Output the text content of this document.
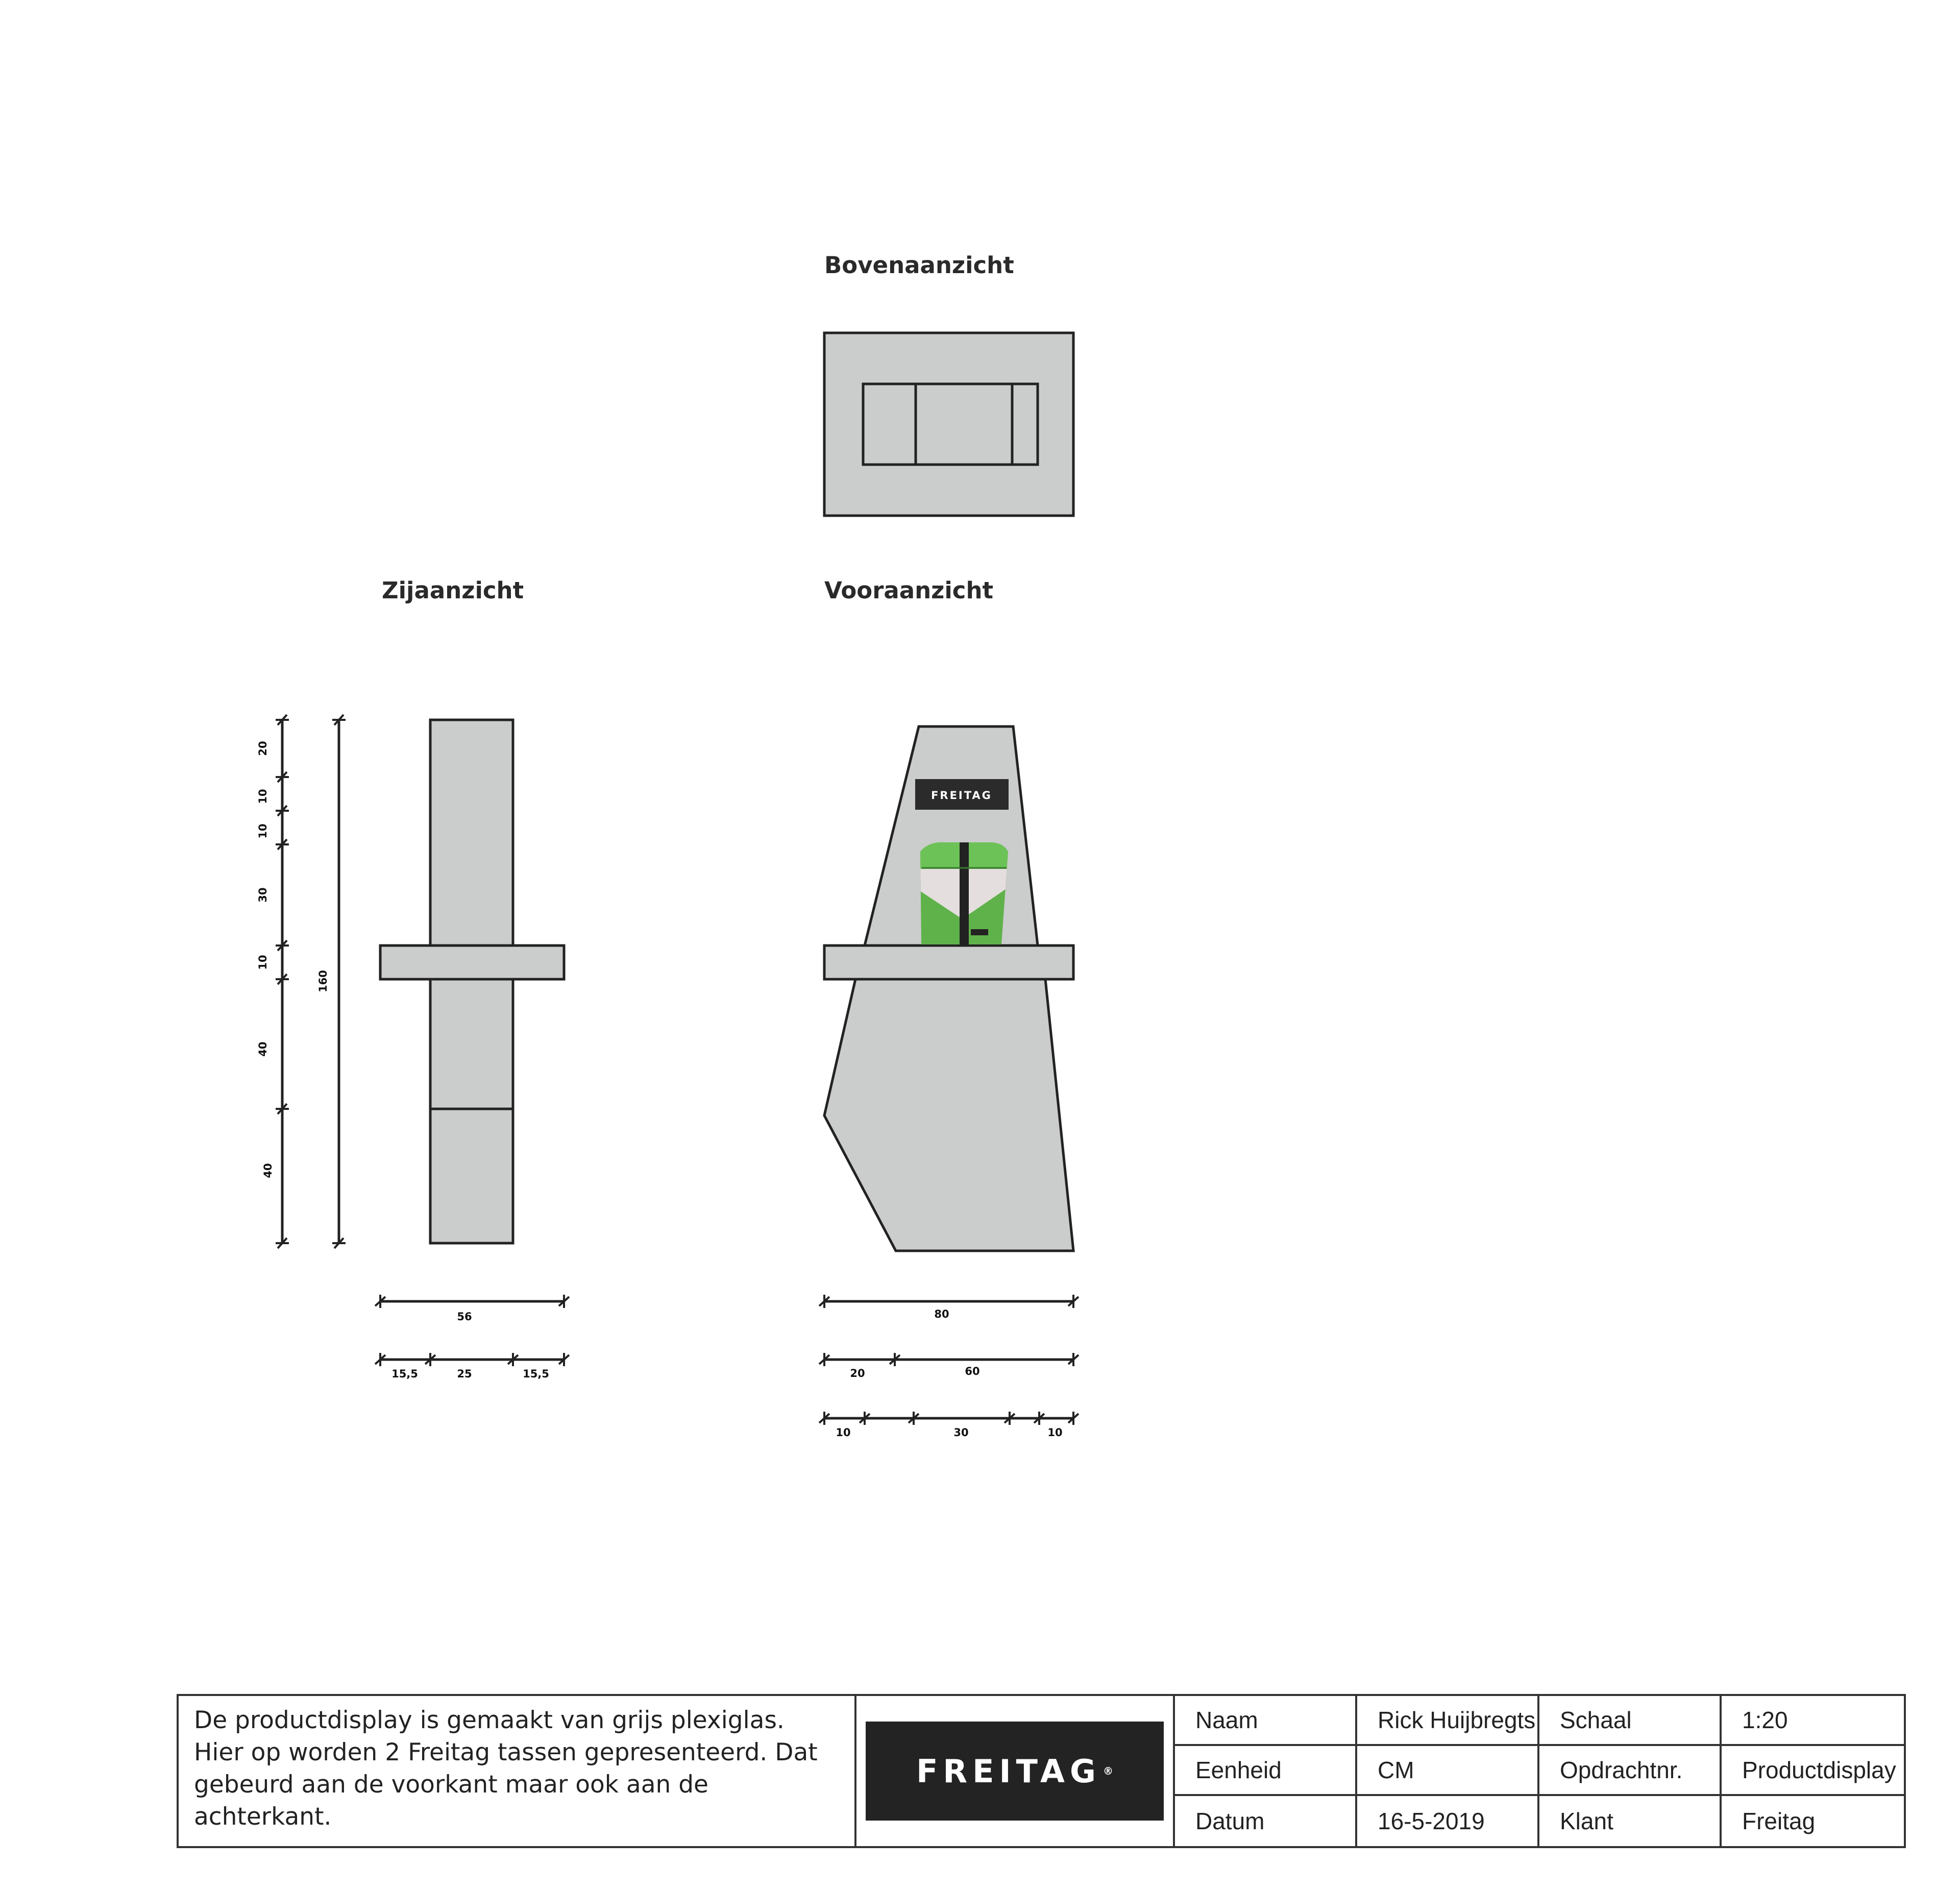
Bovenaanzicht
Zijaanzicht	Vooraanzicht
20
10
10
30
10
40
40
160
56
15,5	25	15,5
FREITAG
80
20	60
10	30	10
De productdisplay is gemaakt van grijs plexiglas. Hier op worden 2 Freitag tassen gepresenteerd. Dat gebeurd aan de voorkant maar ook aan de achterkant.
FREITAG ®
Naam	Rick Huijbregts	Schaal	1:20
Eenheid	CM	Opdrachtnr.	Productdisplay
Datum	16-5-2019	Klant	Freitag
